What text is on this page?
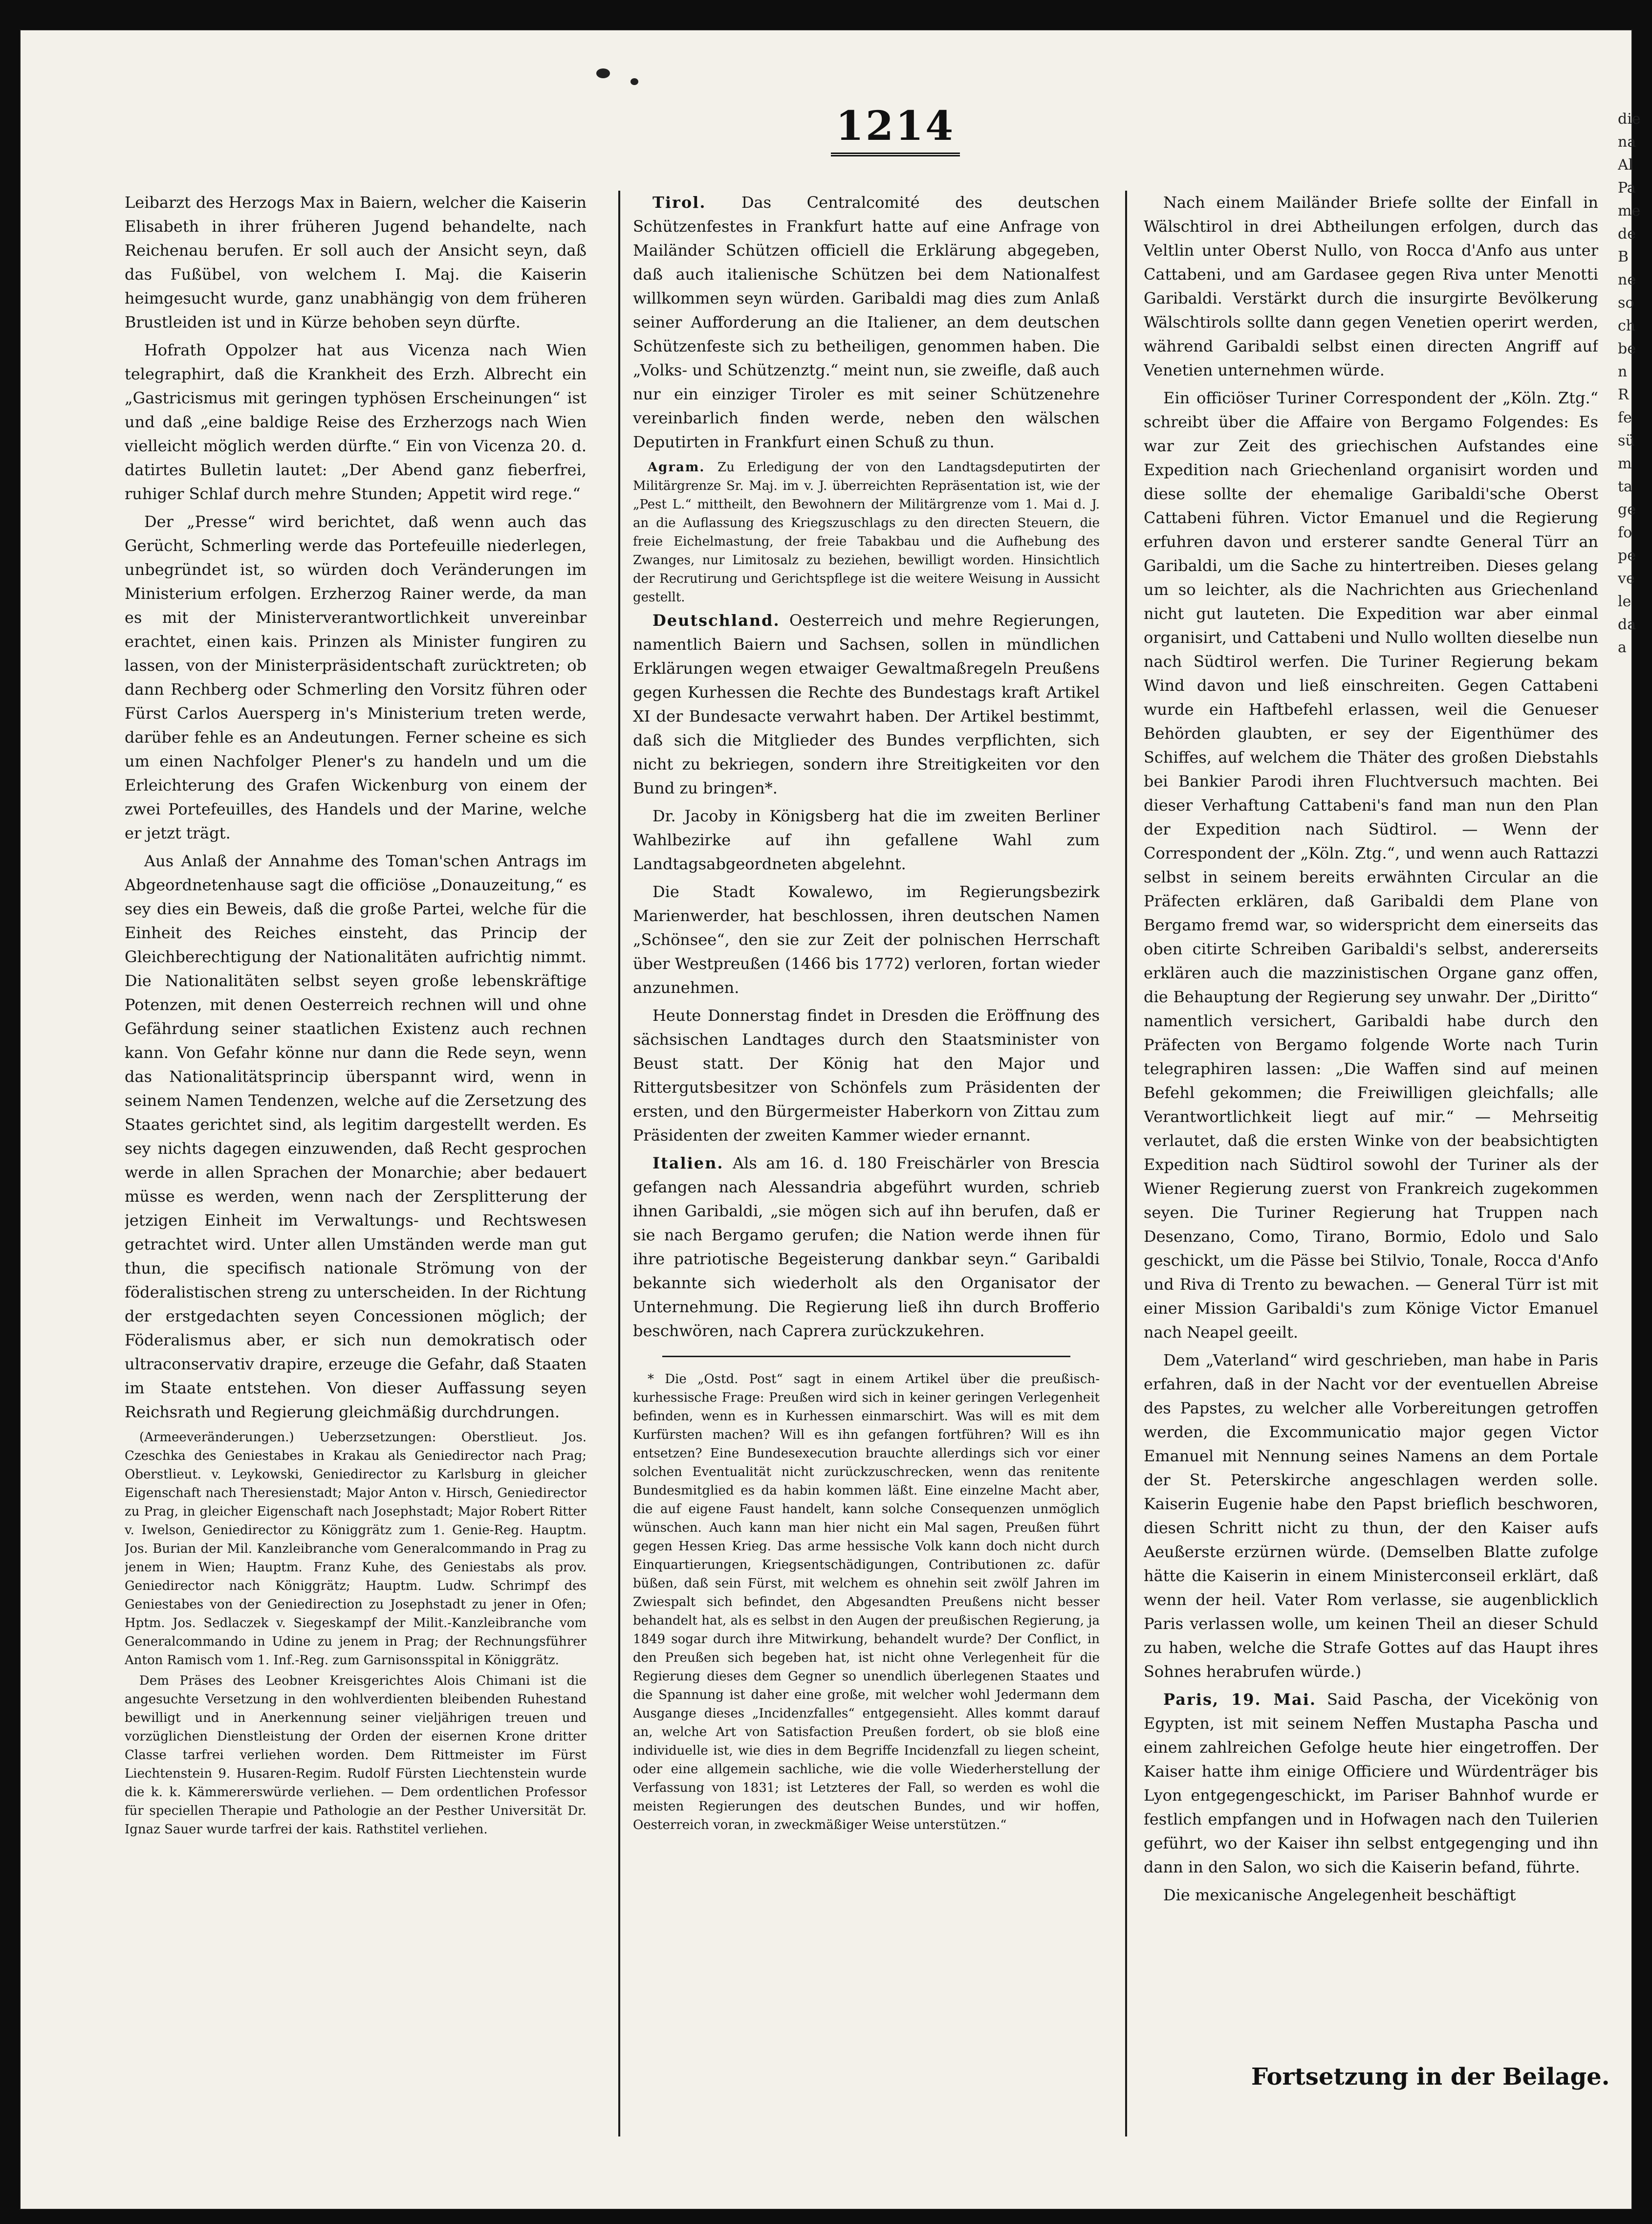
1214

Leibarzt des Herzogs Max in Baiern, welcher die Kaiserin Elisabeth in ihrer früheren Jugend behandelte, nach Reichenau berufen. Er soll auch der Ansicht seyn, daß das Fußübel, von welchem I. Maj. die Kaiserin heimgesucht wurde, ganz unabhängig von dem früheren Brustleiden ist und in Kürze behoben seyn dürfte.

Hofrath Oppolzer hat aus Vicenza nach Wien telegraphirt, daß die Krankheit des Erzh. Albrecht ein „Gastricismus mit geringen typhösen Erscheinungen“ ist und daß „eine baldige Reise des Erzherzogs nach Wien vielleicht möglich werden dürfte.“ Ein von Vicenza 20. d. datirtes Bulletin lautet: „Der Abend ganz fieberfrei, ruhiger Schlaf durch mehre Stunden; Appetit wird rege.“

Der „Presse“ wird berichtet, daß wenn auch das Gerücht, Schmerling werde das Portefeuille niederlegen, unbegründet ist, so würden doch Veränderungen im Ministerium erfolgen. Erzherzog Rainer werde, da man es mit der Ministerverantwortlichkeit unvereinbar erachtet, einen kais. Prinzen als Minister fungiren zu lassen, von der Ministerpräsidentschaft zurücktreten; ob dann Rechberg oder Schmerling den Vorsitz führen oder Fürst Carlos Auersperg in's Ministerium treten werde, darüber fehle es an Andeutungen. Ferner scheine es sich um einen Nachfolger Plener's zu handeln und um die Erleichterung des Grafen Wickenburg von einem der zwei Portefeuilles, des Handels und der Marine, welche er jetzt trägt.

Aus Anlaß der Annahme des Toman'schen Antrags im Abgeordnetenhause sagt die officiöse „Donauzeitung,“ es sey dies ein Beweis, daß die große Partei, welche für die Einheit des Reiches einsteht, das Princip der Gleichberechtigung der Nationalitäten aufrichtig nimmt. Die Nationalitäten selbst seyen große lebenskräftige Potenzen, mit denen Oesterreich rechnen will und ohne Gefährdung seiner staatlichen Existenz auch rechnen kann. Von Gefahr könne nur dann die Rede seyn, wenn das Nationalitätsprincip überspannt wird, wenn in seinem Namen Tendenzen, welche auf die Zersetzung des Staates gerichtet sind, als legitim dargestellt werden. Es sey nichts dagegen einzuwenden, daß Recht gesprochen werde in allen Sprachen der Monarchie; aber bedauert müsse es werden, wenn nach der Zersplitterung der jetzigen Einheit im Verwaltungs- und Rechtswesen getrachtet wird. Unter allen Umständen werde man gut thun, die specifisch nationale Strömung von der föderalistischen streng zu unterscheiden. In der Richtung der erstgedachten seyen Concessionen möglich; der Föderalismus aber, er sich nun demokratisch oder ultraconservativ drapire, erzeuge die Gefahr, daß Staaten im Staate entstehen. Von dieser Auffassung seyen Reichsrath und Regierung gleichmäßig durchdrungen.

(Armeeveränderungen.) Ueberzsetzungen: Oberstlieut. Jos. Czeschka des Geniestabes in Krakau als Geniedirector nach Prag; Oberstlieut. v. Leykowski, Geniedirector zu Karlsburg in gleicher Eigenschaft nach Theresienstadt; Major Anton v. Hirsch, Geniedirector zu Prag, in gleicher Eigenschaft nach Josephstadt; Major Robert Ritter v. Iwelson, Geniedirector zu Königgrätz zum 1. Genie-Reg. Hauptm. Jos. Burian der Mil. Kanzleibranche vom Generalcommando in Prag zu jenem in Wien; Hauptm. Franz Kuhe, des Geniestabs als prov. Geniedirector nach Königgrätz; Hauptm. Ludw. Schrimpf des Geniestabes von der Geniedirection zu Josephstadt zu jener in Ofen; Hptm. Jos. Sedlaczek v. Siegeskampf der Milit.-Kanzleibranche vom Generalcommando in Udine zu jenem in Prag; der Rechnungsführer Anton Ramisch vom 1. Inf.-Reg. zum Garnisonsspital in Königgrätz.

Dem Präses des Leobner Kreisgerichtes Alois Chimani ist die angesuchte Versetzung in den wohlverdienten bleibenden Ruhestand bewilligt und in Anerkennung seiner vieljährigen treuen und vorzüglichen Dienstleistung der Orden der eisernen Krone dritter Classe tarfrei verliehen worden. Dem Rittmeister im Fürst Liechtenstein 9. Husaren-Regim. Rudolf Fürsten Liechtenstein wurde die k. k. Kämmererswürde verliehen. — Dem ordentlichen Professor für speciellen Therapie und Pathologie an der Pesther Universität Dr. Ignaz Sauer wurde tarfrei der kais. Rathstitel verliehen.

Tirol. Das Centralcomité des deutschen Schützenfestes in Frankfurt hatte auf eine Anfrage von Mailänder Schützen officiell die Erklärung abgegeben, daß auch italienische Schützen bei dem Nationalfest willkommen seyn würden. Garibaldi mag dies zum Anlaß seiner Aufforderung an die Italiener, an dem deutschen Schützenfeste sich zu betheiligen, genommen haben. Die „Volks- und Schützenztg.“ meint nun, sie zweifle, daß auch nur ein einziger Tiroler es mit seiner Schützenehre vereinbarlich finden werde, neben den wälschen Deputirten in Frankfurt einen Schuß zu thun.

Agram. Zu Erledigung der von den Landtagsdeputirten der Militärgrenze Sr. Maj. im v. J. überreichten Repräsentation ist, wie der „Pest L.“ mittheilt, den Bewohnern der Militärgrenze vom 1. Mai d. J. an die Auflassung des Kriegszuschlags zu den directen Steuern, die freie Eichelmastung, der freie Tabakbau und die Aufhebung des Zwanges, nur Limitosalz zu beziehen, bewilligt worden. Hinsichtlich der Recrutirung und Gerichtspflege ist die weitere Weisung in Aussicht gestellt.

Deutschland. Oesterreich und mehre Regierungen, namentlich Baiern und Sachsen, sollen in mündlichen Erklärungen wegen etwaiger Gewaltmaßregeln Preußens gegen Kurhessen die Rechte des Bundestags kraft Artikel XI der Bundesacte verwahrt haben. Der Artikel bestimmt, daß sich die Mitglieder des Bundes verpflichten, sich nicht zu bekriegen, sondern ihre Streitigkeiten vor den Bund zu bringen*.

Dr. Jacoby in Königsberg hat die im zweiten Berliner Wahlbezirke auf ihn gefallene Wahl zum Landtagsabgeordneten abgelehnt.

Die Stadt Kowalewo, im Regierungsbezirk Marienwerder, hat beschlossen, ihren deutschen Namen „Schönsee“, den sie zur Zeit der polnischen Herrschaft über Westpreußen (1466 bis 1772) verloren, fortan wieder anzunehmen.

Heute Donnerstag findet in Dresden die Eröffnung des sächsischen Landtages durch den Staatsminister von Beust statt. Der König hat den Major und Rittergutsbesitzer von Schönfels zum Präsidenten der ersten, und den Bürgermeister Haberkorn von Zittau zum Präsidenten der zweiten Kammer wieder ernannt.

Italien. Als am 16. d. 180 Freischärler von Brescia gefangen nach Alessandria abgeführt wurden, schrieb ihnen Garibaldi, „sie mögen sich auf ihn berufen, daß er sie nach Bergamo gerufen; die Nation werde ihnen für ihre patriotische Begeisterung dankbar seyn.“ Garibaldi bekannte sich wiederholt als den Organisator der Unternehmung. Die Regierung ließ ihn durch Brofferio beschwören, nach Caprera zurückzukehren.

* Die „Ostd. Post“ sagt in einem Artikel über die preußisch-kurhessische Frage: Preußen wird sich in keiner geringen Verlegenheit befinden, wenn es in Kurhessen einmarschirt. Was will es mit dem Kurfürsten machen? Will es ihn gefangen fortführen? Will es ihn entsetzen? Eine Bundesexecution brauchte allerdings sich vor einer solchen Eventualität nicht zurückzuschrecken, wenn das renitente Bundesmitglied es da habin kommen läßt. Eine einzelne Macht aber, die auf eigene Faust handelt, kann solche Consequenzen unmöglich wünschen. Auch kann man hier nicht ein Mal sagen, Preußen führt gegen Hessen Krieg. Das arme hessische Volk kann doch nicht durch Einquartierungen, Kriegsentschädigungen, Contributionen zc. dafür büßen, daß sein Fürst, mit welchem es ohnehin seit zwölf Jahren im Zwiespalt sich befindet, den Abgesandten Preußens nicht besser behandelt hat, als es selbst in den Augen der preußischen Regierung, ja 1849 sogar durch ihre Mitwirkung, behandelt wurde? Der Conflict, in den Preußen sich begeben hat, ist nicht ohne Verlegenheit für die Regierung dieses dem Gegner so unendlich überlegenen Staates und die Spannung ist daher eine große, mit welcher wohl Jedermann dem Ausgange dieses „Incidenzfalles“ entgegensieht. Alles kommt darauf an, welche Art von Satisfaction Preußen fordert, ob sie bloß eine individuelle ist, wie dies in dem Begriffe Incidenzfall zu liegen scheint, oder eine allgemein sachliche, wie die volle Wiederherstellung der Verfassung von 1831; ist Letzteres der Fall, so werden es wohl die meisten Regierungen des deutschen Bundes, und wir hoffen, Oesterreich voran, in zweckmäßiger Weise unterstützen.“

Nach einem Mailänder Briefe sollte der Einfall in Wälschtirol in drei Abtheilungen erfolgen, durch das Veltlin unter Oberst Nullo, von Rocca d'Anfo aus unter Cattabeni, und am Gardasee gegen Riva unter Menotti Garibaldi. Verstärkt durch die insurgirte Bevölkerung Wälschtirols sollte dann gegen Venetien operirt werden, während Garibaldi selbst einen directen Angriff auf Venetien unternehmen würde.

Ein officiöser Turiner Correspondent der „Köln. Ztg.“ schreibt über die Affaire von Bergamo Folgendes: Es war zur Zeit des griechischen Aufstandes eine Expedition nach Griechenland organisirt worden und diese sollte der ehemalige Garibaldi'sche Oberst Cattabeni führen. Victor Emanuel und die Regierung erfuhren davon und ersterer sandte General Türr an Garibaldi, um die Sache zu hintertreiben. Dieses gelang um so leichter, als die Nachrichten aus Griechenland nicht gut lauteten. Die Expedition war aber einmal organisirt, und Cattabeni und Nullo wollten dieselbe nun nach Südtirol werfen. Die Turiner Regierung bekam Wind davon und ließ einschreiten. Gegen Cattabeni wurde ein Haftbefehl erlassen, weil die Genueser Behörden glaubten, er sey der Eigenthümer des Schiffes, auf welchem die Thäter des großen Diebstahls bei Bankier Parodi ihren Fluchtversuch machten. Bei dieser Verhaftung Cattabeni's fand man nun den Plan der Expedition nach Südtirol. — Wenn der Correspondent der „Köln. Ztg.“, und wenn auch Rattazzi selbst in seinem bereits erwähnten Circular an die Präfecten erklären, daß Garibaldi dem Plane von Bergamo fremd war, so widerspricht dem einerseits das oben citirte Schreiben Garibaldi's selbst, andererseits erklären auch die mazzinistischen Organe ganz offen, die Behauptung der Regierung sey unwahr. Der „Diritto“ namentlich versichert, Garibaldi habe durch den Präfecten von Bergamo folgende Worte nach Turin telegraphiren lassen: „Die Waffen sind auf meinen Befehl gekommen; die Freiwilligen gleichfalls; alle Verantwortlichkeit liegt auf mir.“ — Mehrseitig verlautet, daß die ersten Winke von der beabsichtigten Expedition nach Südtirol sowohl der Turiner als der Wiener Regierung zuerst von Frankreich zugekommen seyen. Die Turiner Regierung hat Truppen nach Desenzano, Como, Tirano, Bormio, Edolo und Salo geschickt, um die Pässe bei Stilvio, Tonale, Rocca d'Anfo und Riva di Trento zu bewachen. — General Türr ist mit einer Mission Garibaldi's zum Könige Victor Emanuel nach Neapel geeilt.

Dem „Vaterland“ wird geschrieben, man habe in Paris erfahren, daß in der Nacht vor der eventuellen Abreise des Papstes, zu welcher alle Vorbereitungen getroffen werden, die Excommunicatio major gegen Victor Emanuel mit Nennung seines Namens an dem Portale der St. Peterskirche angeschlagen werden solle. Kaiserin Eugenie habe den Papst brieflich beschworen, diesen Schritt nicht zu thun, der den Kaiser aufs Aeußerste erzürnen würde. (Demselben Blatte zufolge hätte die Kaiserin in einem Ministerconseil erklärt, daß wenn der heil. Vater Rom verlasse, sie augenblicklich Paris verlassen wolle, um keinen Theil an dieser Schuld zu haben, welche die Strafe Gottes auf das Haupt ihres Sohnes herabrufen würde.)

Paris, 19. Mai. Said Pascha, der Vicekönig von Egypten, ist mit seinem Neffen Mustapha Pascha und einem zahlreichen Gefolge heute hier eingetroffen. Der Kaiser hatte ihm einige Officiere und Würdenträger bis Lyon entgegengeschickt, im Pariser Bahnhof wurde er festlich empfangen und in Hofwagen nach den Tuilerien geführt, wo der Kaiser ihn selbst entgegenging und ihn dann in den Salon, wo sich die Kaiserin befand, führte.

Die mexicanische Angelegenheit beschäftigt

Fortsetzung in der Beilage.
die
na
Al
Pa
me
de
B
ne
so
ch
be
n
R
fe
sü
m
ta
ge
fo
pe
ve
le
da
a
